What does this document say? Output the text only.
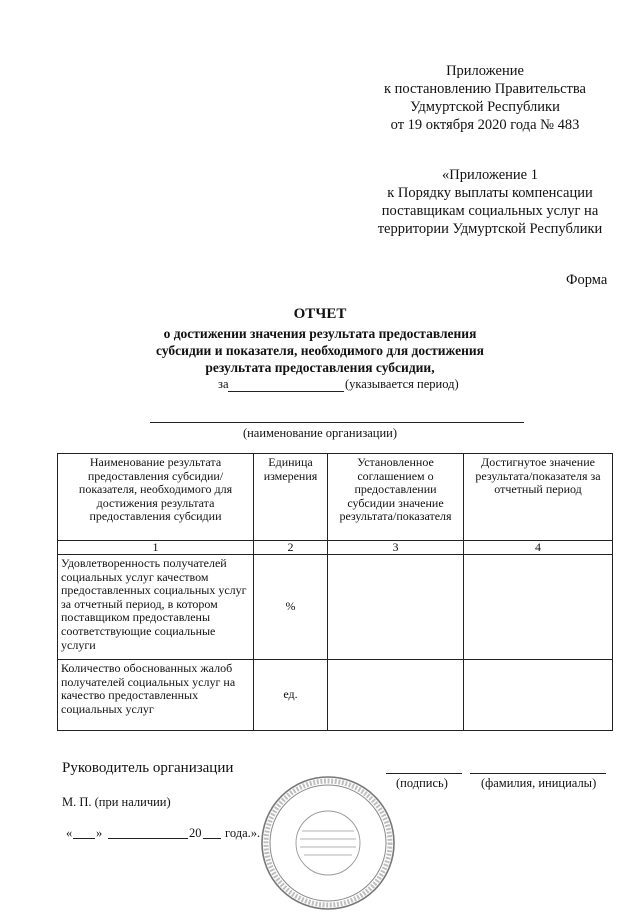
Приложение
к постановлению Правительства
Удмуртской Республики
от 19 октября 2020 года № 483
«Приложение 1
к Порядку выплаты компенсации
поставщикам социальных услуг на
территории Удмуртской Республики
Форма
ОТЧЕТ
о достижении значения результата предоставления
субсидии и показателя, необходимого для достижения
результата предоставления субсидии,
за	(указывается период)
(наименование организации)
Наименование результата предоставления субсидии/показателя, необходимого для достижения результата предоставления субсидии	Единица измерения	Установленное соглашением о предоставлении субсидии значение результата/показателя	Достигнутое значение результата/показателя за отчетный период
1	2	3	4
Удовлетворенность получателей социальных услуг качеством предоставленных социальных услуг за отчетный период, в котором поставщиком предоставлены соответствующие социальные услуги	%		
Количество обоснованных жалоб получателей социальных услуг на качество предоставленных социальных услуг	ед.		
Руководитель организации
(подпись)	(фамилия, инициалы)
М. П. (при наличии)
« »	20 года.».
